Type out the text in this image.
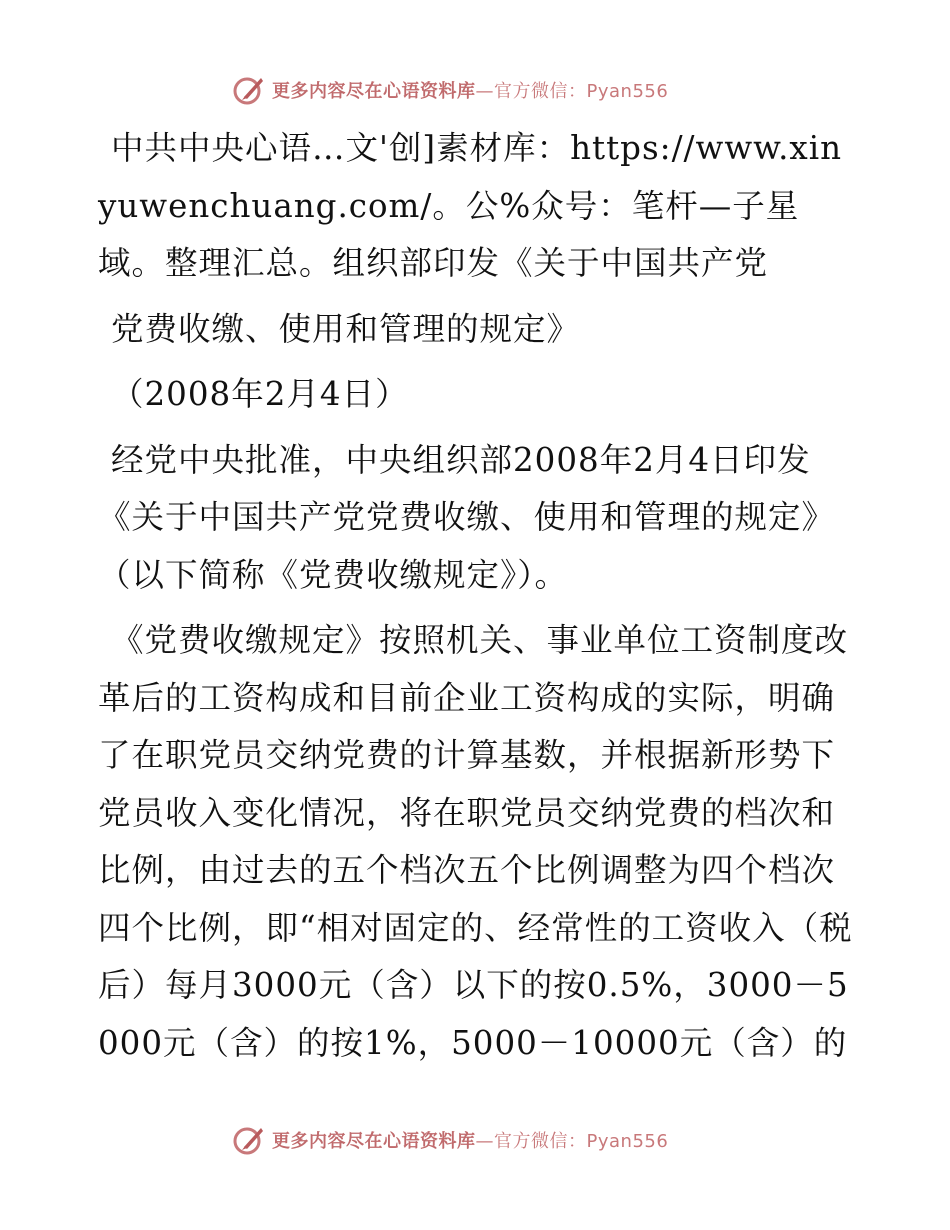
更多内容尽在心语资料库—官方微信：Pyan556

中共中央心语…文'创]素材库：https://www.xinyuwenchuang.com/。公%众号：笔杆—子星域。整理汇总。组织部印发《关于中国共产党

党费收缴、使用和管理的规定》

（2008年2月4日）

经党中央批准，中央组织部2008年2月4日印发《关于中国共产党党费收缴、使用和管理的规定》（以下简称《党费收缴规定》）。

《党费收缴规定》按照机关、事业单位工资制度改革后的工资构成和目前企业工资构成的实际，明确了在职党员交纳党费的计算基数，并根据新形势下党员收入变化情况，将在职党员交纳党费的档次和比例，由过去的五个档次五个比例调整为四个档次四个比例，即“相对固定的、经常性的工资收入（税后）每月3000元（含）以下的按0.5%，3000－5000元（含）的按1%，5000－10000元（含）的

更多内容尽在心语资料库—官方微信：Pyan556
